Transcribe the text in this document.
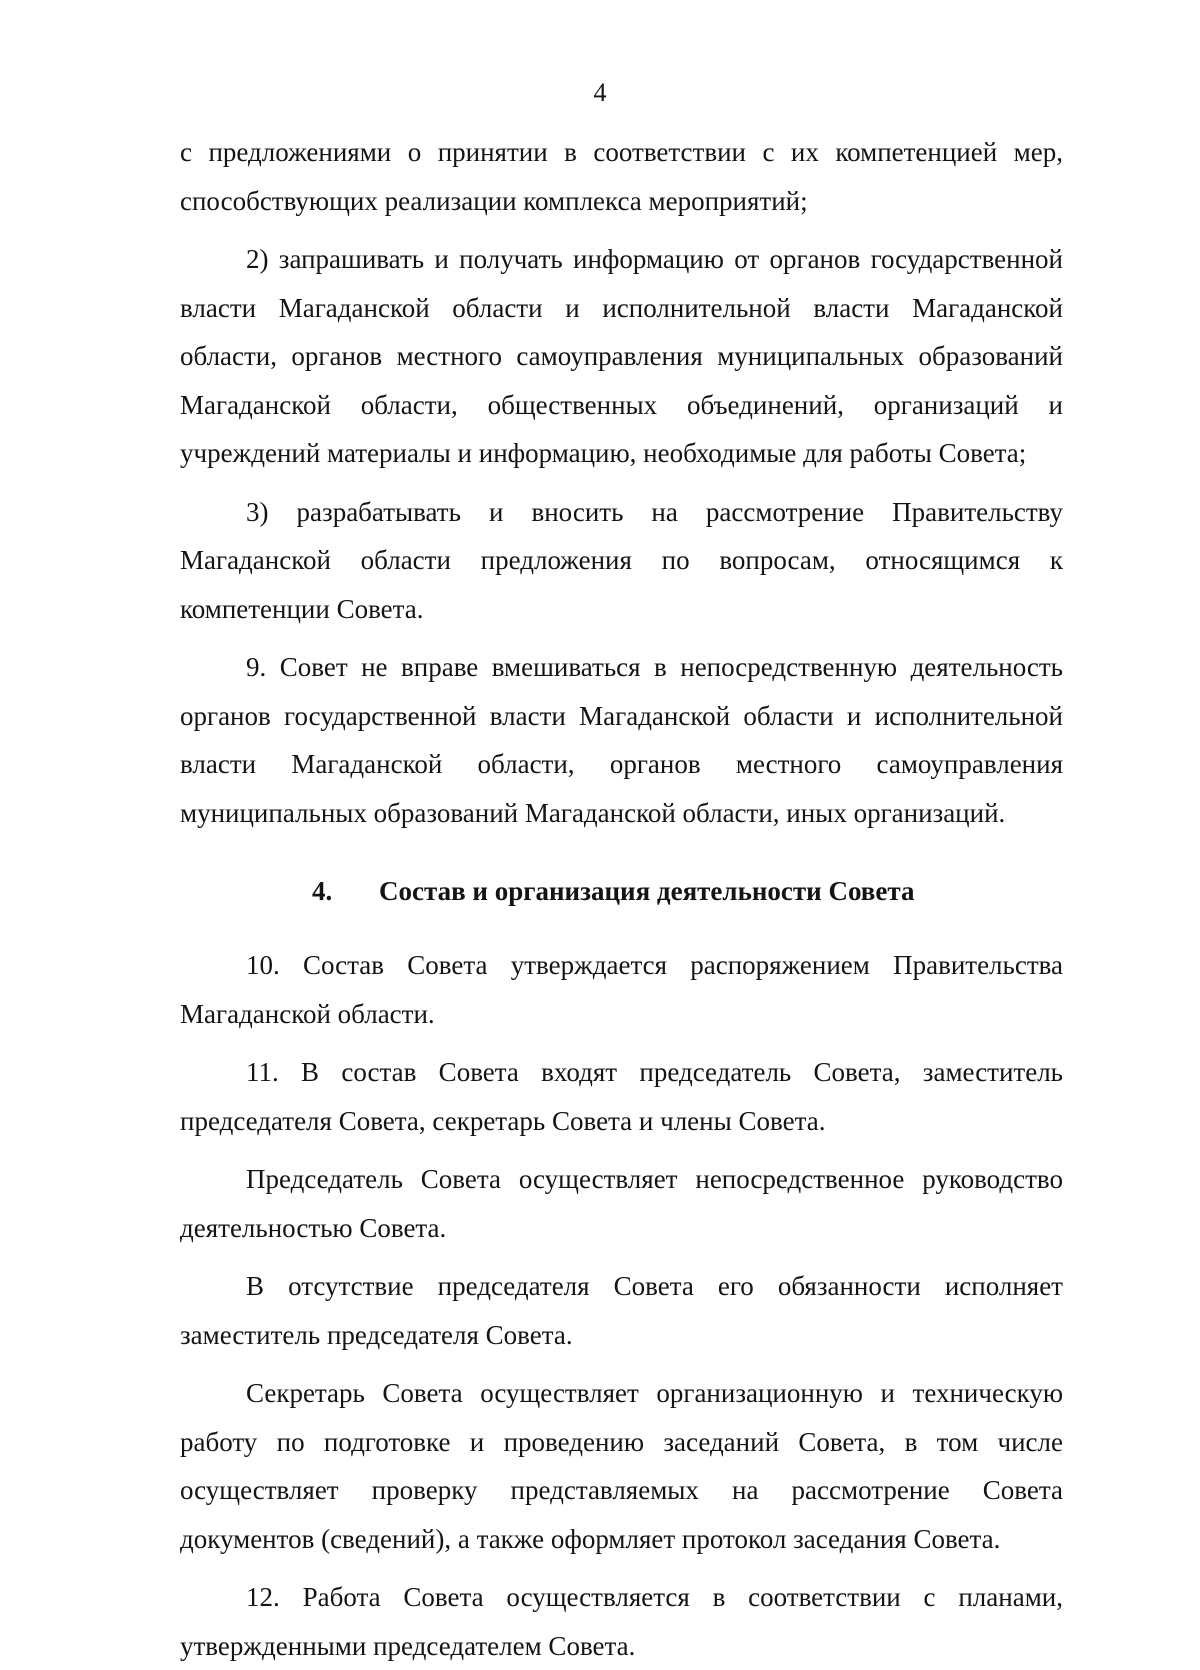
4

с предложениями о принятии в соответствии с их компетенцией мер, способствующих реализации комплекса мероприятий;

2) запрашивать и получать информацию от органов государственной власти Магаданской области и исполнительной власти Магаданской области, органов местного самоуправления муниципальных образований Магаданской области, общественных объединений, организаций и учреждений материалы и информацию, необходимые для работы Совета;

3) разрабатывать и вносить на рассмотрение Правительству Магаданской области предложения по вопросам, относящимся к компетенции Совета.

9. Совет не вправе вмешиваться в непосредственную деятельность органов государственной власти Магаданской области и исполнительной власти Магаданской области, органов местного самоуправления муниципальных образований Магаданской области, иных организаций.

4. Состав и организация деятельности Совета

10. Состав Совета утверждается распоряжением Правительства Магаданской области.

11. В состав Совета входят председатель Совета, заместитель председателя Совета, секретарь Совета и члены Совета.

Председатель Совета осуществляет непосредственное руководство деятельностью Совета.

В отсутствие председателя Совета его обязанности исполняет заместитель председателя Совета.

Секретарь Совета осуществляет организационную и техническую работу по подготовке и проведению заседаний Совета, в том числе осуществляет проверку представляемых на рассмотрение Совета документов (сведений), а также оформляет протокол заседания Совета.

12. Работа Совета осуществляется в соответствии с планами, утвержденными председателем Совета.
